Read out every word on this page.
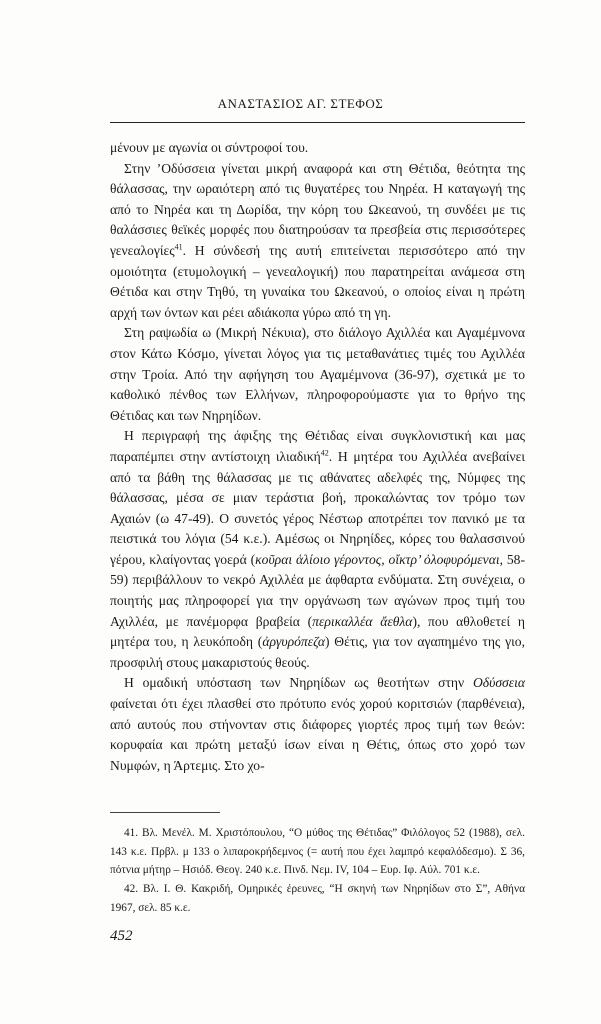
ΑΝΑΣΤΑΣΙΟΣ ΑΓ. ΣΤΕΦΟΣ

μένουν με αγωνία οι σύντροφοί του.

Στην ’Οδύσσεια γίνεται μικρή αναφορά και στη Θέτιδα, θεότητα της θάλασσας, την ωραιότερη από τις θυγατέρες του Νηρέα. Η καταγωγή της από το Νηρέα και τη Δωρίδα, την κόρη του Ωκεανού, τη συνδέει με τις θαλάσσιες θεϊκές μορφές που διατηρούσαν τα πρεσβεία στις περισσότερες γενεαλογίες$^{41}$. Η σύνδεσή της αυτή επιτείνεται περισσότερο από την ομοιότητα (ετυμολογική – γενεαλογική) που παρατηρείται ανάμεσα στη Θέτιδα και στην Τηθύ, τη γυναίκα του Ωκεανού, ο οποίος είναι η πρώτη αρχή των όντων και ρέει αδιάκοπα γύρω από τη γη.

Στη ραψωδία ω (Μικρή Νέκυια), στο διάλογο Αχιλλέα και Αγαμέμνονα στον Κάτω Κόσμο, γίνεται λόγος για τις μεταθανάτιες τιμές του Αχιλλέα στην Τροία. Από την αφήγηση του Αγαμέμνονα (36-97), σχετικά με το καθολικό πένθος των Ελλήνων, πληροφορούμαστε για το θρήνο της Θέτιδας και των Νηρηίδων.

Η περιγραφή της άφιξης της Θέτιδας είναι συγκλονιστική και μας παραπέμπει στην αντίστοιχη ιλιαδική$^{42}$. Η μητέρα του Αχιλλέα ανεβαίνει από τα βάθη της θάλασσας με τις αθάνατες αδελφές της, Νύμφες της θάλασσας, μέσα σε μιαν τεράστια βοή, προκαλώντας τον τρόμο των Αχαιών (ω 47-49). Ο συνετός γέρος Νέστωρ αποτρέπει τον πανικό με τα πειστικά του λόγια (54 κ.ε.). Αμέσως οι Νηρηίδες, κόρες του θαλασσινού γέρου, κλαίγοντας γοερά (κοῦραι ἁλίοιο γέροντος, οἴκτρ’ ὀλοφυρόμεναι, 58-59) περιβάλλουν το νεκρό Αχιλλέα με άφθαρτα ενδύματα. Στη συνέχεια, ο ποιητής μας πληροφορεί για την οργάνωση των αγώνων προς τιμή του Αχιλλέα, με πανέμορφα βραβεία (περικαλλέα ἄεθλα), που αθλοθετεί η μητέρα του, η λευκόποδη (ἀργυρόπεζα) Θέτις, για τον αγαπημένο της γιο, προσφιλή στους μακαριστούς θεούς.

Η ομαδική υπόσταση των Νηρηίδων ως θεοτήτων στην Οδύσσεια φαίνεται ότι έχει πλασθεί στο πρότυπο ενός χορού κοριτσιών (παρθένεια), από αυτούς που στήνονταν στις διάφορες γιορτές προς τιμή των θεών: κορυφαία και πρώτη μεταξύ ίσων είναι η Θέτις, όπως στο χορό των Νυμφών, η Άρτεμις. Στο χο-

41. Βλ. Μενέλ. Μ. Χριστόπουλου, “Ο μύθος της Θέτιδας” Φιλόλογος 52 (1988), σελ. 143 κ.ε. Πρβλ. μ 133 ο λιπαροκρήδεμνος (= αυτή που έχει λαμπρό κεφαλόδεσμο). Σ 36, πότνια μήτηρ – Ησιόδ. Θεογ. 240 κ.ε. Πινδ. Νεμ. IV, 104 – Ευρ. Ιφ. Αύλ. 701 κ.ε.

42. Βλ. Ι. Θ. Κακριδή, Ομηρικές έρευνες, “Η σκηνή των Νηρηίδων στο Σ”, Αθήνα 1967, σελ. 85 κ.ε.

452
